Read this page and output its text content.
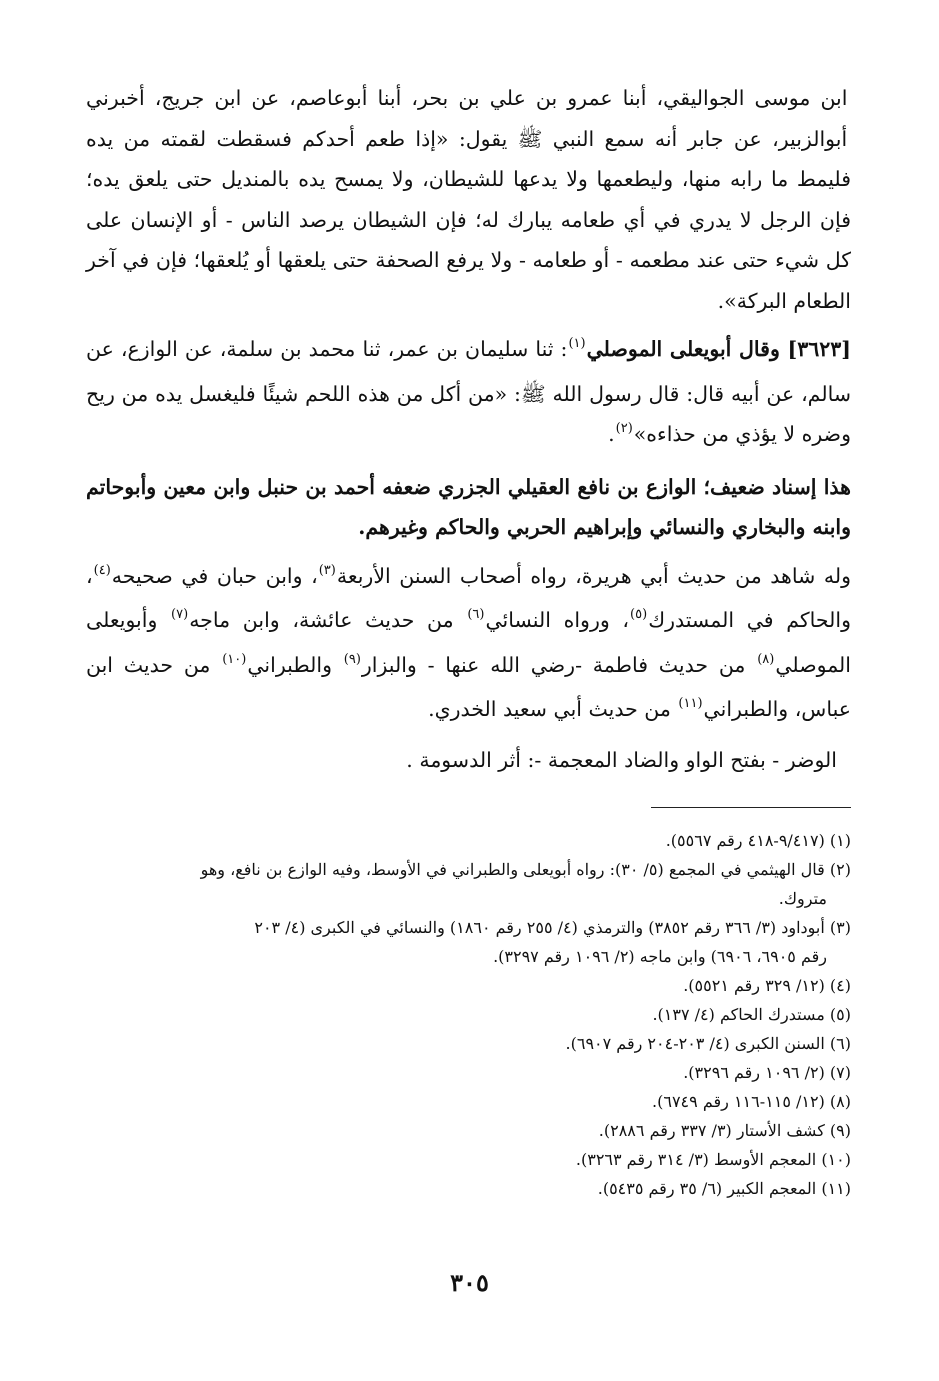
ابن موسى الجواليقي، أبنا عمرو بن علي بن بحر، أبنا أبوعاصم، عن ابن جريج، أخبرني أبوالزبير، عن جابر أنه سمع النبي ﷺ يقول: «إذا طعم أحدكم فسقطت لقمته من يده فليمط ما رابه منها، وليطعمها ولا يدعها للشيطان، ولا يمسح يده بالمنديل حتى يلعق يده؛ فإن الرجل لا يدري في أي طعامه يبارك له؛ فإن الشيطان يرصد الناس - أو الإنسان على كل شيء حتى عند مطعمه - أو طعامه - ولا يرفع الصحفة حتى يلعقها أو يُلعقها؛ فإن في آخر الطعام البركة».

[٣٦٢٣] وقال أبويعلى الموصلي$^{(١)}$: ثنا سليمان بن عمر، ثنا محمد بن سلمة، عن الوازع، عن سالم، عن أبيه قال: قال رسول الله ﷺ: «من أكل من هذه اللحم شيئًا فليغسل يده من ريح وضره لا يؤذي من حذاءه»$^{(٢)}$.

هذا إسناد ضعيف؛ الوازع بن نافع العقيلي الجزري ضعفه أحمد بن حنبل وابن معين وأبوحاتم وابنه والبخاري والنسائي وإبراهيم الحربي والحاكم وغيرهم.

وله شاهد من حديث أبي هريرة، رواه أصحاب السنن الأربعة$^{(٣)}$، وابن حبان في صحيحه$^{(٤)}$، والحاكم في المستدرك$^{(٥)}$، ورواه النسائي$^{(٦)}$ من حديث عائشة، وابن ماجه$^{(٧)}$ وأبويعلى الموصلي$^{(٨)}$ من حديث فاطمة -رضي الله عنها - والبزار$^{(٩)}$ والطبراني$^{(١٠)}$ من حديث ابن عباس، والطبراني$^{(١١)}$ من حديث أبي سعيد الخدري.

الوضر - بفتح الواو والضاد المعجمة -: أثر الدسومة .

(١) (٩/٤١٧-٤١٨ رقم ٥٥٦٧).

(٢) قال الهيثمي في المجمع (٥/ ٣٠): رواه أبويعلى والطبراني في الأوسط، وفيه الوازع بن نافع، وهو

متروك.

(٣) أبوداود (٣/ ٣٦٦ رقم ٣٨٥٢) والترمذي (٤/ ٢٥٥ رقم ١٨٦٠) والنسائي في الكبرى (٤/ ٢٠٣

رقم ٦٩٠٥، ٦٩٠٦) وابن ماجه (٢/ ١٠٩٦ رقم ٣٢٩٧).

(٤) (١٢/ ٣٢٩ رقم ٥٥٢١).

(٥) مستدرك الحاكم (٤/ ١٣٧).

(٦) السنن الكبرى (٤/ ٢٠٣-٢٠٤ رقم ٦٩٠٧).

(٧) (٢/ ١٠٩٦ رقم ٣٢٩٦).

(٨) (١٢/ ١١٥-١١٦ رقم ٦٧٤٩).

(٩) كشف الأستار (٣/ ٣٣٧ رقم ٢٨٨٦).

(١٠) المعجم الأوسط (٣/ ٣١٤ رقم ٣٢٦٣).

(١١) المعجم الكبير (٦/ ٣٥ رقم ٥٤٣٥).

٣٠٥
